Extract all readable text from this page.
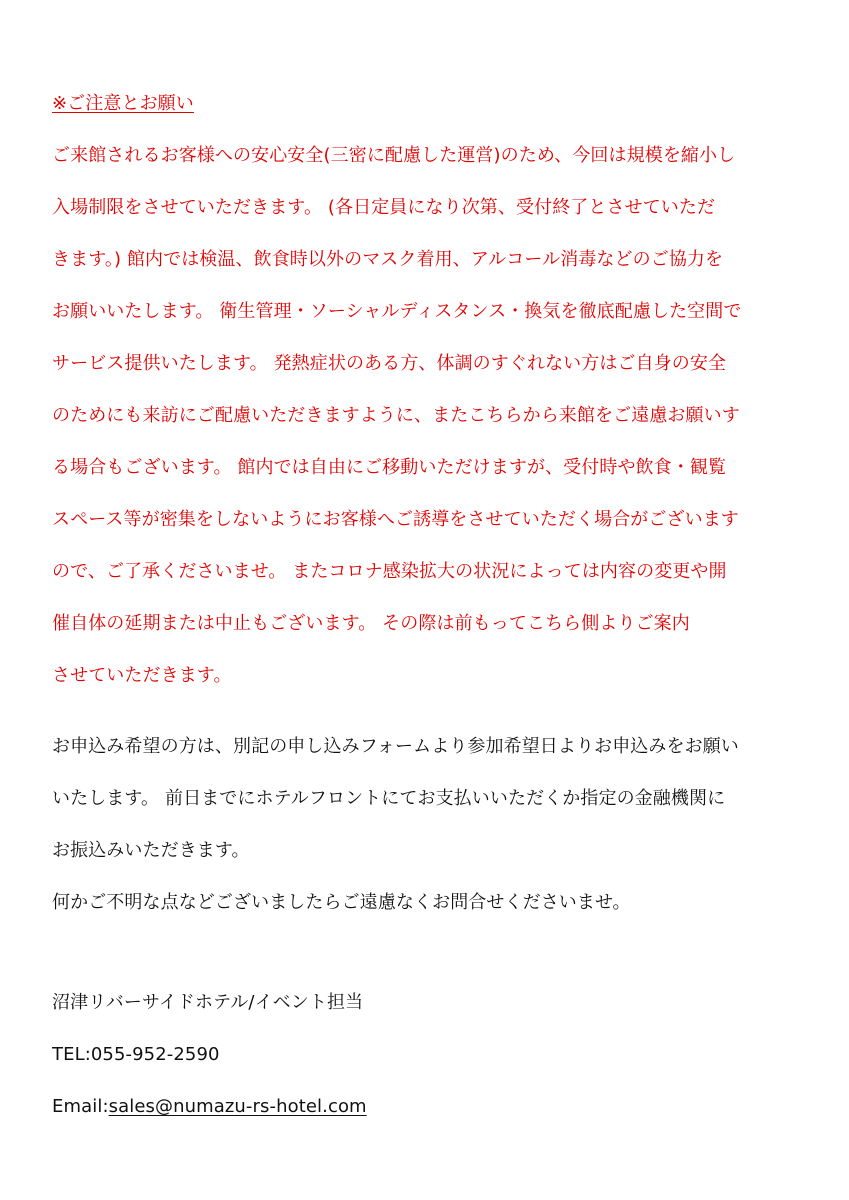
※ご注意とお願い
ご来館されるお客様への安心安全(三密に配慮した運営)のため、今回は規模を縮小し
入場制限をさせていただきます。 (各日定員になり次第、受付終了とさせていただ
きます。) 館内では検温、飲食時以外のマスク着用、アルコール消毒などのご協力を
お願いいたします。 衛生管理・ソーシャルディスタンス・換気を徹底配慮した空間で
サービス提供いたします。 発熱症状のある方、体調のすぐれない方はご自身の安全
のためにも来訪にご配慮いただきますように、またこちらから来館をご遠慮お願いす
る場合もございます。 館内では自由にご移動いただけますが、受付時や飲食・観覧
スペース等が密集をしないようにお客様へご誘導をさせていただく場合がございます
ので、ご了承くださいませ。 またコロナ感染拡大の状況によっては内容の変更や開
催自体の延期または中止もございます。 その際は前もってこちら側よりご案内
させていただきます。
お申込み希望の方は、別記の申し込みフォームより参加希望日よりお申込みをお願い
いたします。 前日までにホテルフロントにてお支払いいただくか指定の金融機関に
お振込みいただきます。
何かご不明な点などございましたらご遠慮なくお問合せくださいませ。
沼津リバーサイドホテル/イベント担当
TEL:055-952-2590
Email:sales@numazu-rs-hotel.com
